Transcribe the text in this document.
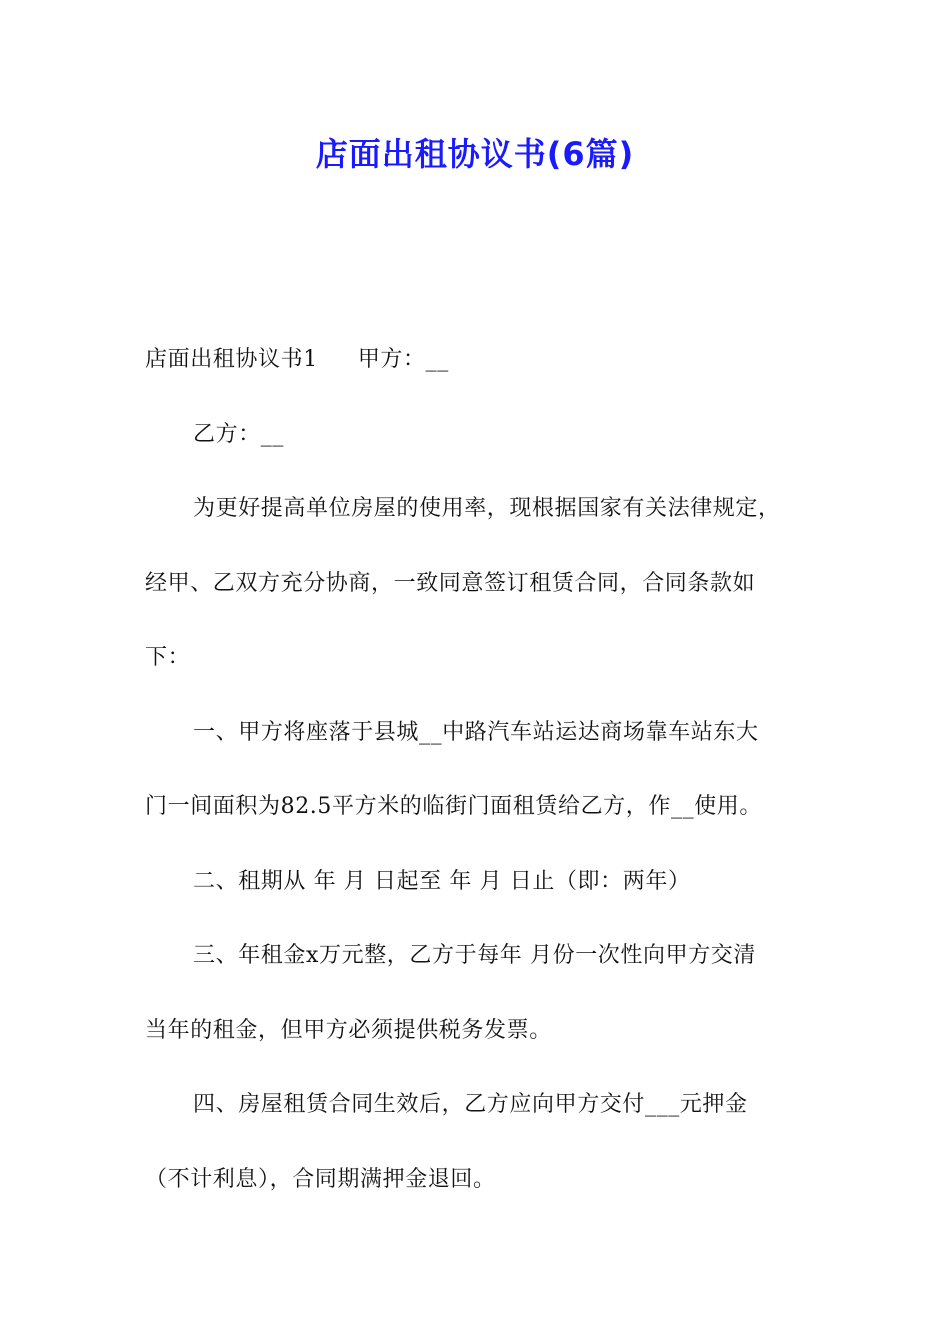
店面出租协议书(6篇)
店面出租协议书1 甲方：__
乙方：__
为更好提高单位房屋的使用率，现根据国家有关法律规定，
经甲、乙双方充分协商，一致同意签订租赁合同，合同条款如
下：
一、甲方将座落于县城__中路汽车站运达商场靠车站东大
门一间面积为82.5平方米的临街门面租赁给乙方，作__使用。
二、租期从 年 月 日起至 年 月 日止（即：两年）
三、年租金x万元整，乙方于每年 月份一次性向甲方交清
当年的租金，但甲方必须提供税务发票。
四、房屋租赁合同生效后，乙方应向甲方交付___元押金
（不计利息），合同期满押金退回。
